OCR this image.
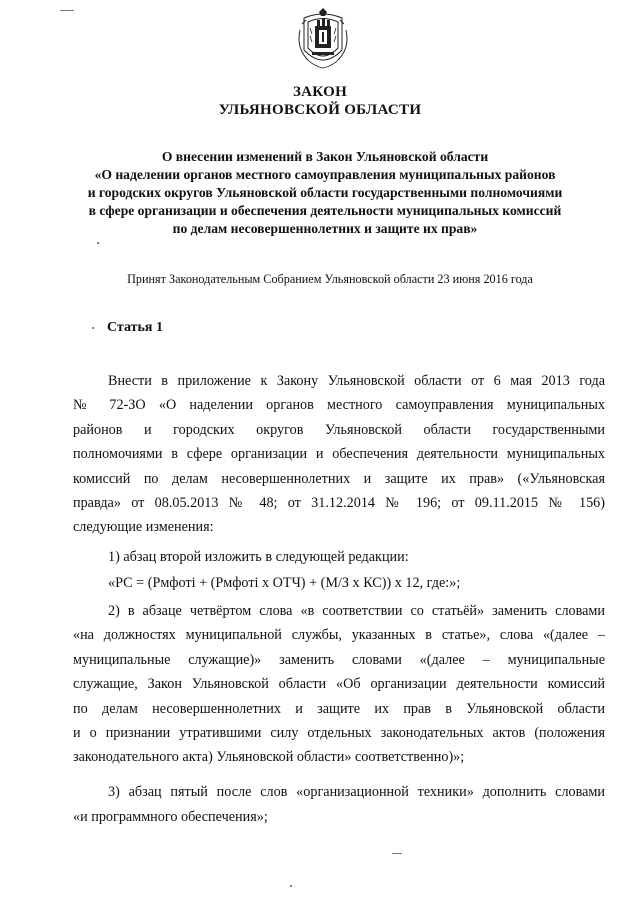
ЗАКОН
УЛЬЯНОВСКОЙ ОБЛАСТИ
О внесении изменений в Закон Ульяновской области
«О наделении органов местного самоуправления муниципальных районов
и городских округов Ульяновской области государственными полномочиями
в сфере организации и обеспечения деятельности муниципальных комиссий
по делам несовершеннолетних и защите их прав»
Принят Законодательным Собранием Ульяновской области 23 июня 2016 года
Статья 1

Внести в приложение к Закону Ульяновской области от 6 мая 2013 года

№ 72-ЗО «О наделении органов местного самоуправления муниципальных

районов и городских округов Ульяновской области государственными

полномочиями в сфере организации и обеспечения деятельности муниципальных

комиссий по делам несовершеннолетних и защите их прав» («Ульяновская

правда» от 08.05.2013 № 48; от 31.12.2014 № 196; от 09.11.2015 № 156)

следующие изменения:

1) абзац второй изложить в следующей редакции:

«РС = (Рмфоті + (Рмфоті х ОТЧ) + (М/З х КС)) х 12, где:»;

2) в абзаце четвёртом слова «в соответствии со статьёй» заменить словами

«на должностях муниципальной службы, указанных в статье», слова «(далее –

муниципальные служащие)» заменить словами «(далее – муниципальные

служащие, Закон Ульяновской области «Об организации деятельности комиссий

по делам несовершеннолетних и защите их прав в Ульяновской области

и о признании утратившими силу отдельных законодательных актов (положения

законодательного акта) Ульяновской области» соответственно)»;

3) абзац пятый после слов «организационной техники» дополнить словами

«и программного обеспечения»;
